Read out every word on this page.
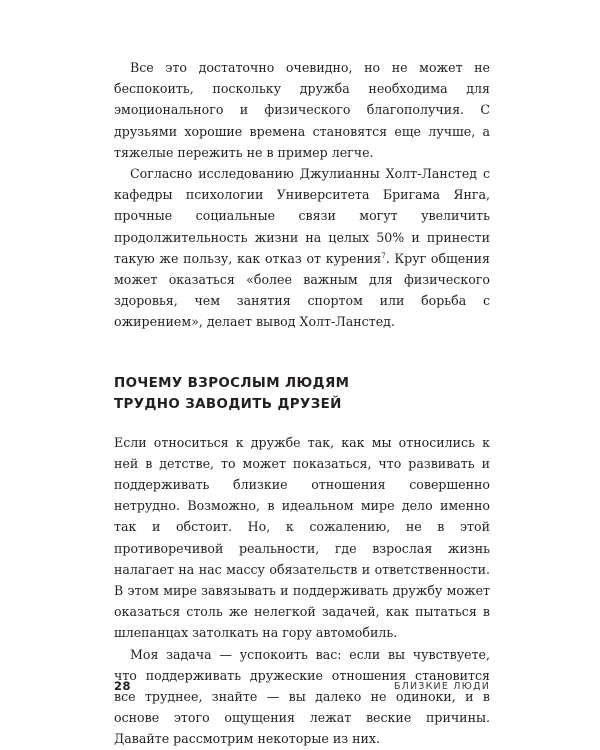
Все это достаточно очевидно, но не может не беспокоить, поскольку дружба необходима для эмоционального и физического благополучия. С друзьями хорошие времена становятся еще лучше, а тяжелые пережить не в пример легче.

Согласно исследованию Джулианны Холт-Ланстед с кафедры психологии Университета Бригама Янга, прочные социальные связи могут увеличить продолжительность жизни на целых 50% и принести такую же пользу, как отказ от курения$^7$. Круг общения может оказаться «более важным для физического здоровья, чем занятия спортом или борьба с ожирением», делает вывод Холт-Ланстед.

ПОЧЕМУ ВЗРОСЛЫМ ЛЮДЯМ
ТРУДНО ЗАВОДИТЬ ДРУЗЕЙ

Если относиться к дружбе так, как мы относились к ней в детстве, то может показаться, что развивать и поддерживать близкие отношения совершенно нетрудно. Возможно, в идеальном мире дело именно так и обстоит. Но, к сожалению, не в этой противоречивой реальности, где взрослая жизнь налагает на нас массу обязательств и ответственности. В этом мире завязывать и поддерживать дружбу может оказаться столь же нелегкой задачей, как пытаться в шлепанцах затолкать на гору автомобиль.

Моя задача — успокоить вас: если вы чувствуете, что поддерживать дружеские отношения становится все труднее, знайте — вы далеко не одиноки, и в основе этого ощущения лежат веские причины. Давайте рассмотрим некоторые из них.

28	БЛИЗКИЕ ЛЮДИ
